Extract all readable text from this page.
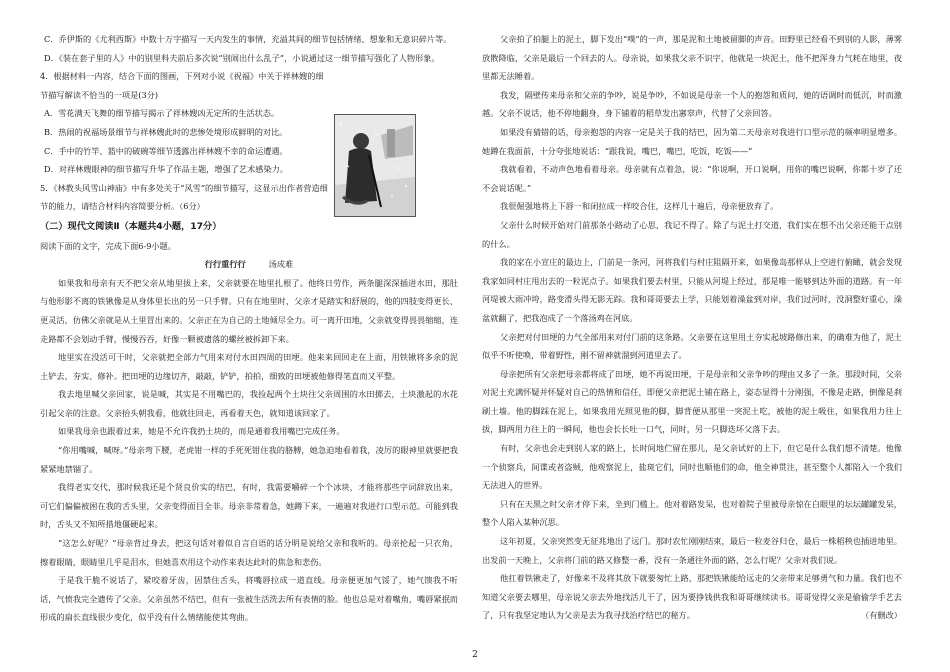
C．乔伊斯的《尤利西斯》中数十万字描写一天内发生的事情，充溢其间的细节包括情绪、想象和无意识碎片等。

D．《装在套子里的人》中的别里科夫前后多次说“别闹出什么乱子”，小说通过这一细节描写强化了人物形象。

4．根据材料一内容，结合下面的图画，下列对小说《祝福》中关于祥林嫂的细节描写解读不恰当的一项是(3分)

A．雪花满天飞舞的细节描写揭示了祥林嫂凶无定所的生活状态。

B．热闹的祝福场景细节与祥林嫂此时的悲惨处境形成鲜明的对比。

C．手中的竹竿、篮中的破碗等细节透露出祥林嫂不幸的命运遭遇。

D．对祥林嫂眼神的细节描写升华了作品主题，增强了艺术感染力。

5．《林教头风雪山神庙》中有多处关于“风雪”的细节描写，这显示出作者营造细节的能力，请结合材料内容简要分析。（6分）

（二）现代文阅读Ⅱ（本题共4小题，17分）

阅读下面的文字，完成下面6-9小题。

行行重行行	汤成难

如果我和母亲有天不把父亲从地里拔上来，父亲就要在地里扎根了。他终日劳作，两条腿深深插进水田，那肚与他形影不离的铁锹像是从身体里长出的另一只手臂。只有在地里时，父亲才是踏实和舒展的，他的四肢变得更长、更灵活，仿佛父亲就是从土里冒出来的。父亲正在为自己的土地倾尽全力。可一离开田地，父亲就变得畏畏缩缩，连走路都不会划动手臂，慢慢吞吞，好像一颗被遗落的螺丝被拆卸下来。

地里实在没活可干时，父亲就把全部力气用来对付水田四周的田埂。他来来回回走在上面，用铁锹将多余的泥土铲去，夯实、修补。把田埂的边缘切齐，敲敲，铲铲，拍拍，细致的田埂被他修得笔直而又平整。

我去地里喊父亲回家，说是喊，其实是不用嘴巴的，我捡起两个土块往父亲周围的水田掷去，土块激起的水花引起父亲的注意。父亲抬头朝我看，他就往回走，再看着天色，就知道该回家了。

如果我母亲也跟着过来，她是不允许我扔土块的，而是通着我用嘴巴完成任务。

“你用嘴喊，喊呀。”母亲弯下腰，老虎钳一样的手死死钳住我的胳膊，她急迫地看着我，凌厉的眼神里就要把我紧紧地禁锢了。

我得老实交代，那时候我还是个贤良价实的结巴，有时，我需要嚼碎一个个冰块，才能将那些字词辞放出来，可它们偏偏被困在我的舌头里，父亲变得面目全非。母亲非常着急，她蹲下来，一遍遍对我进行口型示范。可能到我时，舌头又不知所措地僵硬起来。

“这怎么好呢？”母亲背过身去，把这句话对着似自言自语的话分明是说给父亲和我听的。母亲抡起一只衣角，擦着眼睛，眼睛里几乎是泪水，但她喜欢用这个动作来表达此时的焦急和悲伤。

于是我干脆不说话了，紧咬着牙齿，因禁住舌头，将嘴唇拉成一道直线。母亲便更加气馁了，她气馈我不听话，气愤我完全遗传了父亲。父亲虽然不结巴，但有一张被生活洗去所有表情的脸。他也总是对着嘴角，嘴唇紧抿而形成的扁长直线很少变化，似乎没有什么情绪能使其弯曲。

父亲拍了拍腿上的泥土，脚下发出“噗”的一声，那是泥和土地被留脚的声音。田野里已经看不到别的人影，薄雾放散降临，父亲是最后一个回去的人。母亲说，如果我父亲不识字，他就是一块泥土，他不把浑身力气耗在地里，夜里都无法睡着。

我发，隔壁传来母亲和父亲的争吵，说是争吵，不如说是母亲一个人的抱怨和质问，她的语调时而低沉，时而激越。父亲不说话，他不停地翻身，身下铺着的稻草发出窸窣声，代替了父亲回答。

如果没有猜错的话，母亲抱怨的内容一定是关于我的结巴，因为第二天母亲对我进行口型示范的频率明显增多。她蹲在我面前，十分夸张地说话：“跟我说，嘴巴，嘴巴，吃饭，吃饭——”

我就看着，不动声色地看着母亲。母亲就有点着急，说：“你说啊，开口说啊，用你的嘴巴说啊，你都十岁了还不会说话呢。”

我很倔强地将上下唇一和闭拉成一样咬合住，这样几十遍后，母亲便放弃了。

父亲什么时候开始对门前那条小路动了心思，我记不得了。除了与泥土打交道，我们实在想不出父亲还能干点别的什么。

我的家在小宣庄的最边上，门前是一条河，河将我们与村庄阻隔开来，如果像岛那样从上空进行俯瞰，就会发现我家如同村庄甩出去的一粒泥点子。如果我们要去村里，只能从河堤上经过，那是唯一能够到达外面的道路。有一年河堤被大雨冲垮，路变滑头得无影无踪。我和哥哥要去上学，只能划着澡盆到对岸，我们过河时，没洞整好重心，澡盆就翻了，把我泡成了一个落汤鸡在河底。

父亲把对付田埂的力气全部用来对付门前的这条路。父亲要在这里用土夯实起坡路修出来，的确难为他了，泥土似乎不听使唤，带着野性，刚不留神就溜到河道里去了。

母亲把所有父亲把母亲都将成了田埂，她不再说田埂，于是母亲和父亲争吵的理由又多了一条。那段时间，父亲对泥土充满怀疑并怀疑对自己的热情和信任，即便父亲把泥土铺在路上，姿态显得十分刚强，不像是走路，倒像是刹刷土墙。他的脚踩在泥上，如果我用光照见他的脚，脚背便从那里一突泥土吃，被他的泥土吸住，如果我用力往上拔，脚两用力往上的一瞬间，他也会长长吐一口气，同时，另一只脚迭坏父落下去。

有时，父亲也会走到别人家的路上，长时间地伫留在那儿，是父亲试好的上下，但它是什么我们想不清楚。他像一个侦察兵，间谍或者盗贼，他观察泥上，盐斑它们，同时也顺他们的命，他全神贯注，甚至整个人都陷入一个我们无法进入的世界。

只有在天黑之时父亲才停下来，坐到门槛上。他对着路发呆，也对着院子里被母亲惊在白眼里的坛坛罐罐发呆，整个人陷入某种沉思。

这年初夏，父亲突然变无征兆地出了远门。那时农忙刚刚结束，最后一粒麦谷归仓，最后一株稻秧也插进地里。出发前一天晚上，父亲将门前的路又修整一番，没有一条通往外面的路，怎么行呢？父亲对我们说。

他扛着铁锹走了，好像来不及将其放下就要匆忙上路，那把铁锹能给远走的父亲带来足够勇气和力量。我们也不知道父亲要去哪里，母亲说父亲去外地找活儿干了，因为要挣钱供我和哥哥继续读书。哥哥觉得父亲是偷偷学手艺去了，只有我坚定地认为父亲是去为我寻找治疗结巴的秘方。	（有删改）

2
